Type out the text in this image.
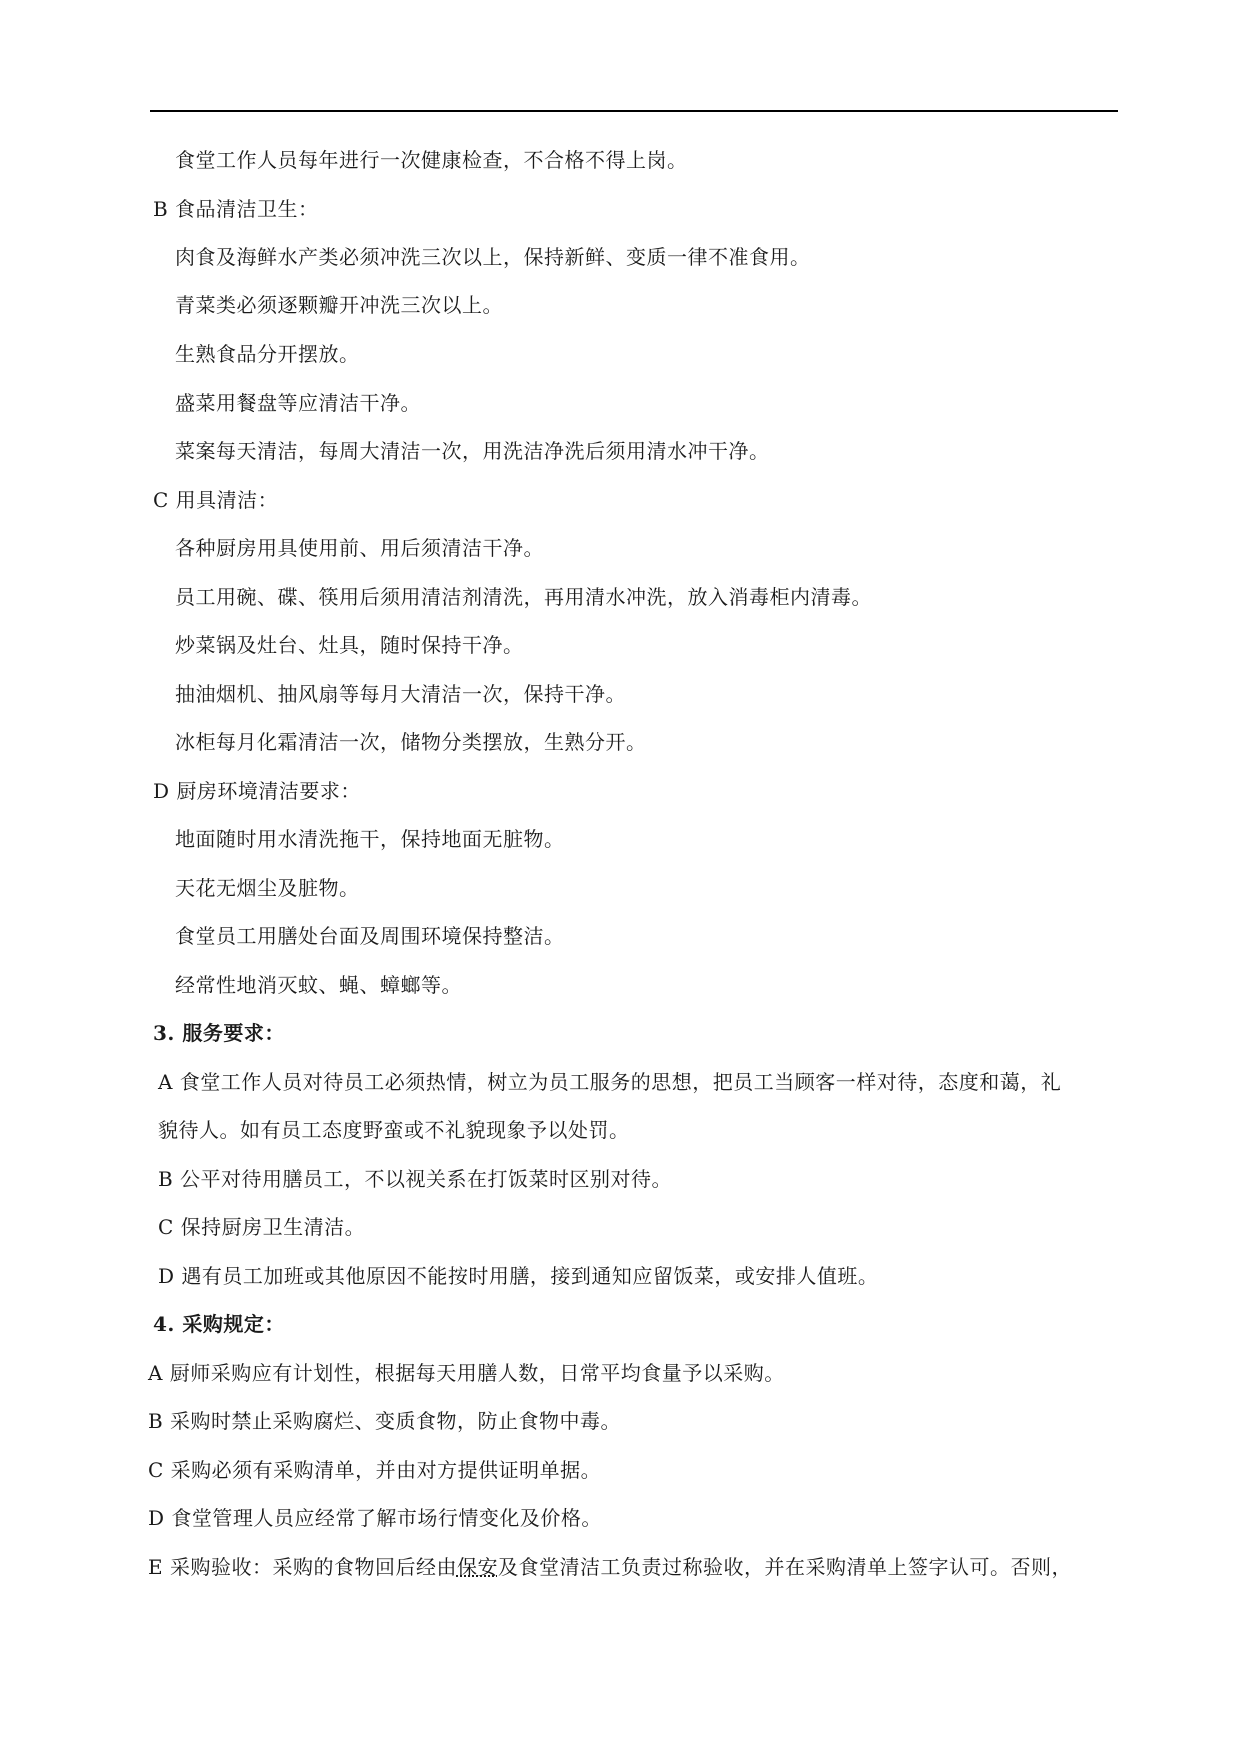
食堂工作人员每年进行一次健康检查，不合格不得上岗。
B 食品清洁卫生：
肉食及海鲜水产类必须冲洗三次以上，保持新鲜、变质一律不准食用。
青菜类必须逐颗瓣开冲洗三次以上。
生熟食品分开摆放。
盛菜用餐盘等应清洁干净。
菜案每天清洁，每周大清洁一次，用洗洁净洗后须用清水冲干净。
C 用具清洁：
各种厨房用具使用前、用后须清洁干净。
员工用碗、碟、筷用后须用清洁剂清洗，再用清水冲洗，放入消毒柜内清毒。
炒菜锅及灶台、灶具，随时保持干净。
抽油烟机、抽风扇等每月大清洁一次，保持干净。
冰柜每月化霜清洁一次，储物分类摆放，生熟分开。
D 厨房环境清洁要求：
地面随时用水清洗拖干，保持地面无脏物。
天花无烟尘及脏物。
食堂员工用膳处台面及周围环境保持整洁。
经常性地消灭蚊、蝇、蟑螂等。
3. 服务要求：
A 食堂工作人员对待员工必须热情，树立为员工服务的思想，把员工当顾客一样对待，态度和蔼，礼
貌待人。如有员工态度野蛮或不礼貌现象予以处罚。
B 公平对待用膳员工，不以视关系在打饭菜时区别对待。
C 保持厨房卫生清洁。
D 遇有员工加班或其他原因不能按时用膳，接到通知应留饭菜，或安排人值班。
4. 采购规定：
A 厨师采购应有计划性，根据每天用膳人数，日常平均食量予以采购。
B 采购时禁止采购腐烂、变质食物，防止食物中毒。
C 采购必须有采购清单，并由对方提供证明单据。
D 食堂管理人员应经常了解市场行情变化及价格。
E 采购验收：采购的食物回后经由保安及食堂清洁工负责过称验收，并在采购清单上签字认可。否则，
